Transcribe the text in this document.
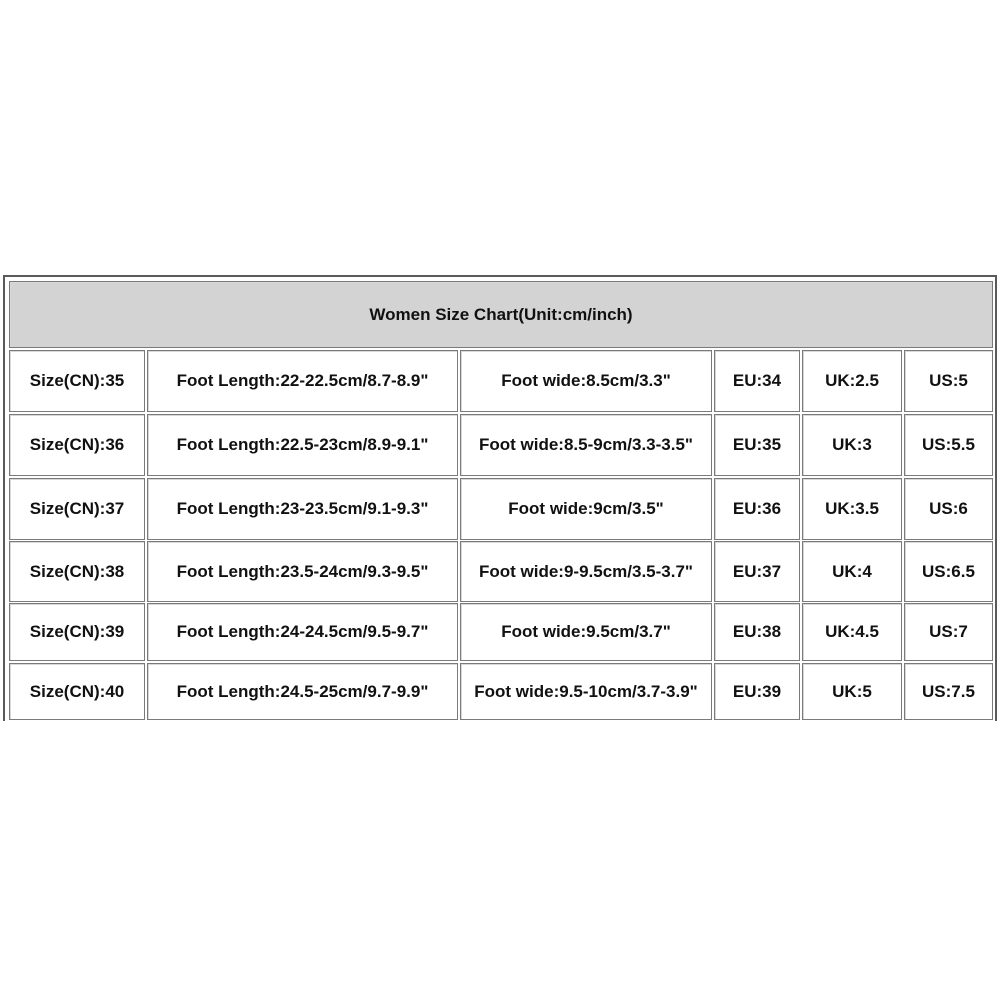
Women Size Chart(Unit:cm/inch)
Size(CN):35	Foot Length:22-22.5cm/8.7-8.9"	Foot wide:8.5cm/3.3"	EU:34	UK:2.5	US:5
Size(CN):36	Foot Length:22.5-23cm/8.9-9.1"	Foot wide:8.5-9cm/3.3-3.5"	EU:35	UK:3	US:5.5
Size(CN):37	Foot Length:23-23.5cm/9.1-9.3"	Foot wide:9cm/3.5"	EU:36	UK:3.5	US:6
Size(CN):38	Foot Length:23.5-24cm/9.3-9.5"	Foot wide:9-9.5cm/3.5-3.7"	EU:37	UK:4	US:6.5
Size(CN):39	Foot Length:24-24.5cm/9.5-9.7"	Foot wide:9.5cm/3.7"	EU:38	UK:4.5	US:7
Size(CN):40	Foot Length:24.5-25cm/9.7-9.9"	Foot wide:9.5-10cm/3.7-3.9"	EU:39	UK:5	US:7.5
